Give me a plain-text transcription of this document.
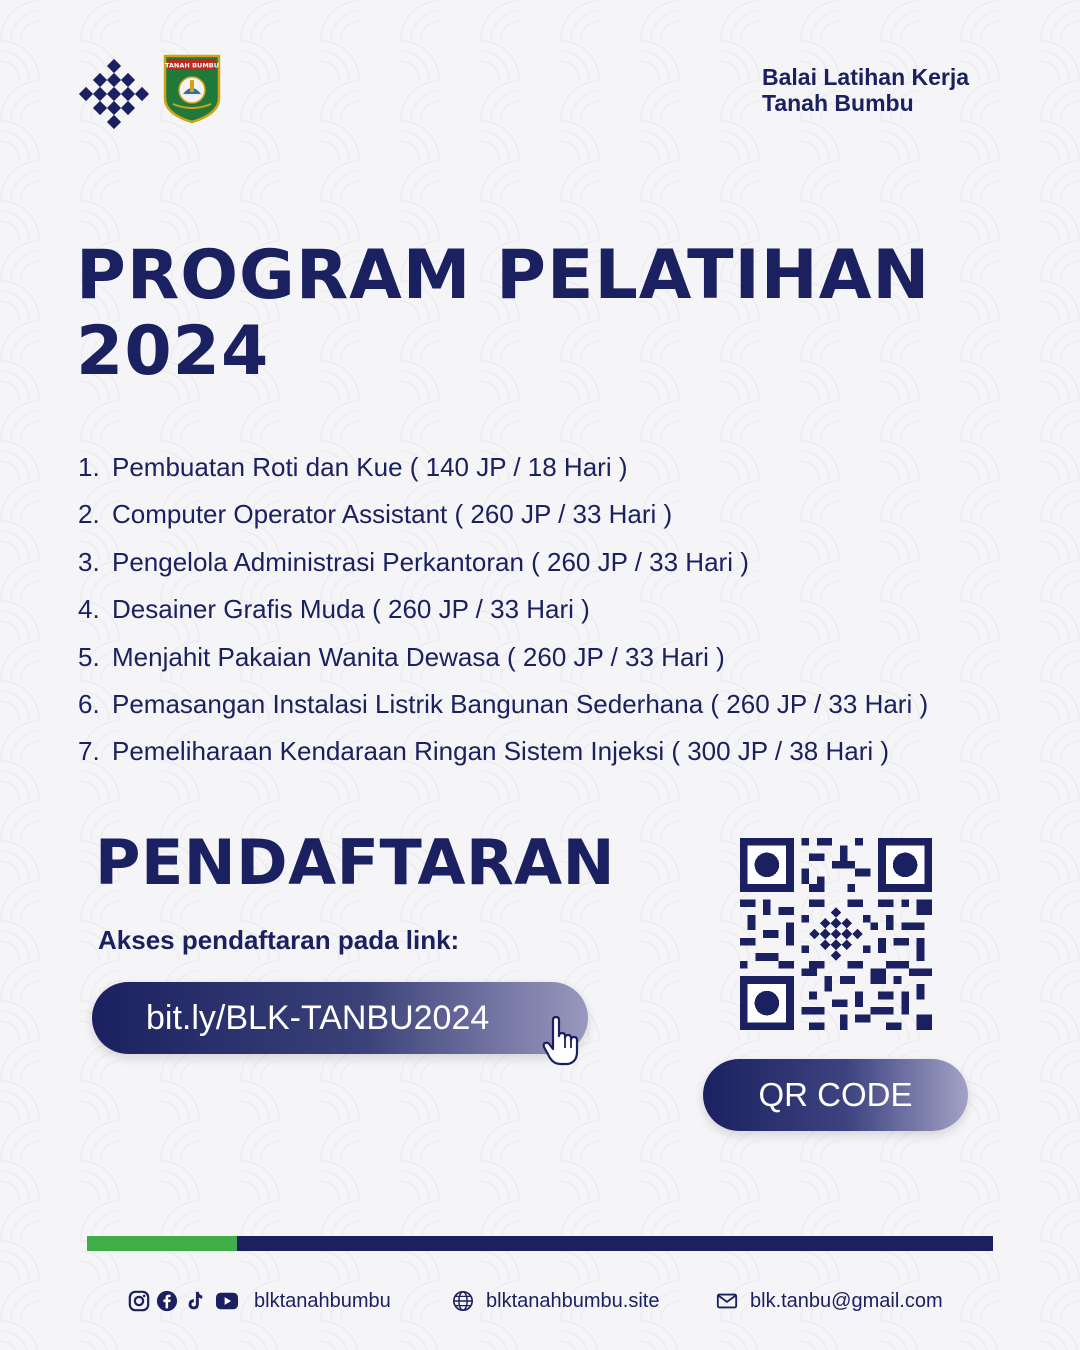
TANAH BUMBU	Balai Latihan Kerja
Tanah Bumbu
PROGRAM PELATIHAN
2024
1. Pembuatan Roti dan Kue ( 140 JP / 18 Hari )
2. Computer Operator Assistant ( 260 JP / 33 Hari )
3. Pengelola Administrasi Perkantoran ( 260 JP / 33 Hari )
4. Desainer Grafis Muda ( 260 JP / 33 Hari )
5. Menjahit Pakaian Wanita Dewasa ( 260 JP / 33 Hari )
6. Pemasangan Instalasi Listrik Bangunan Sederhana ( 260 JP / 33 Hari )
7. Pemeliharaan Kendaraan Ringan Sistem Injeksi ( 300 JP / 38 Hari )
PENDAFTARAN

Akses pendaftaran pada link:

bit.ly/BLK-TANBU2024
QR CODE
blktanahbumbu	blktanahbumbu.site	blk.tanbu@gmail.com
